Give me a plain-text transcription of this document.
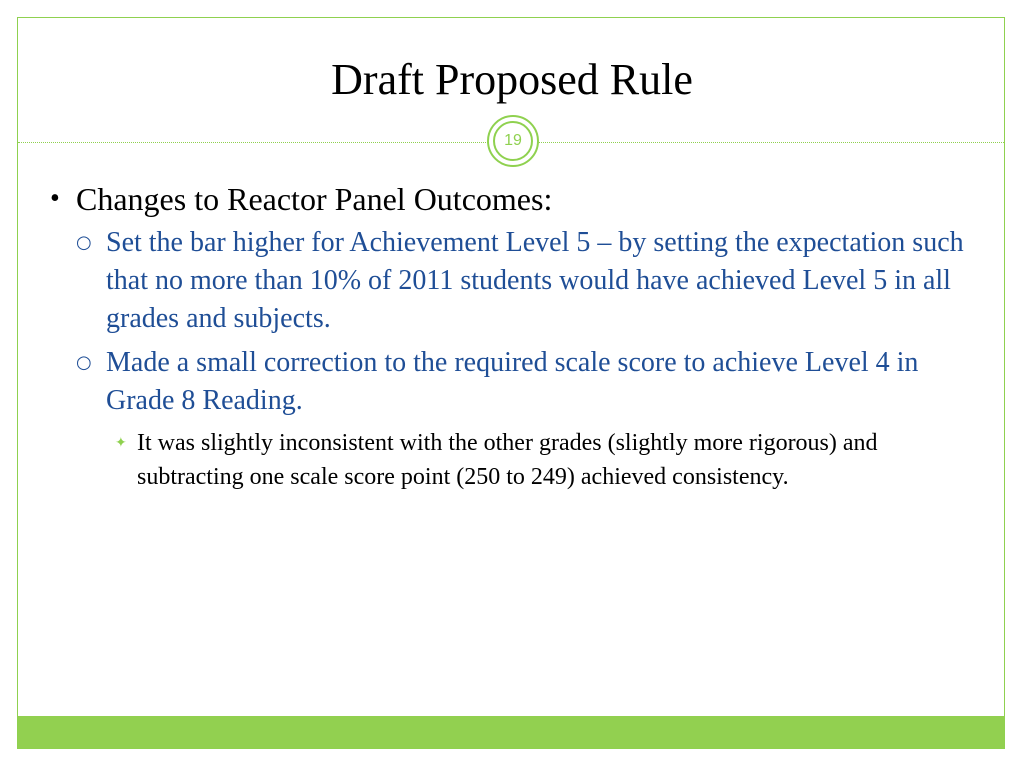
Draft Proposed Rule
19
• Changes to Reactor Panel Outcomes:
○ Set the bar higher for Achievement Level 5 – by setting the expectation such that no more than 10% of 2011 students would have achieved Level 5 in all grades and subjects.
○ Made a small correction to the required scale score to achieve Level 4 in Grade 8 Reading.
✦ It was slightly inconsistent with the other grades (slightly more rigorous) and subtracting one scale score point (250 to 249) achieved consistency.
